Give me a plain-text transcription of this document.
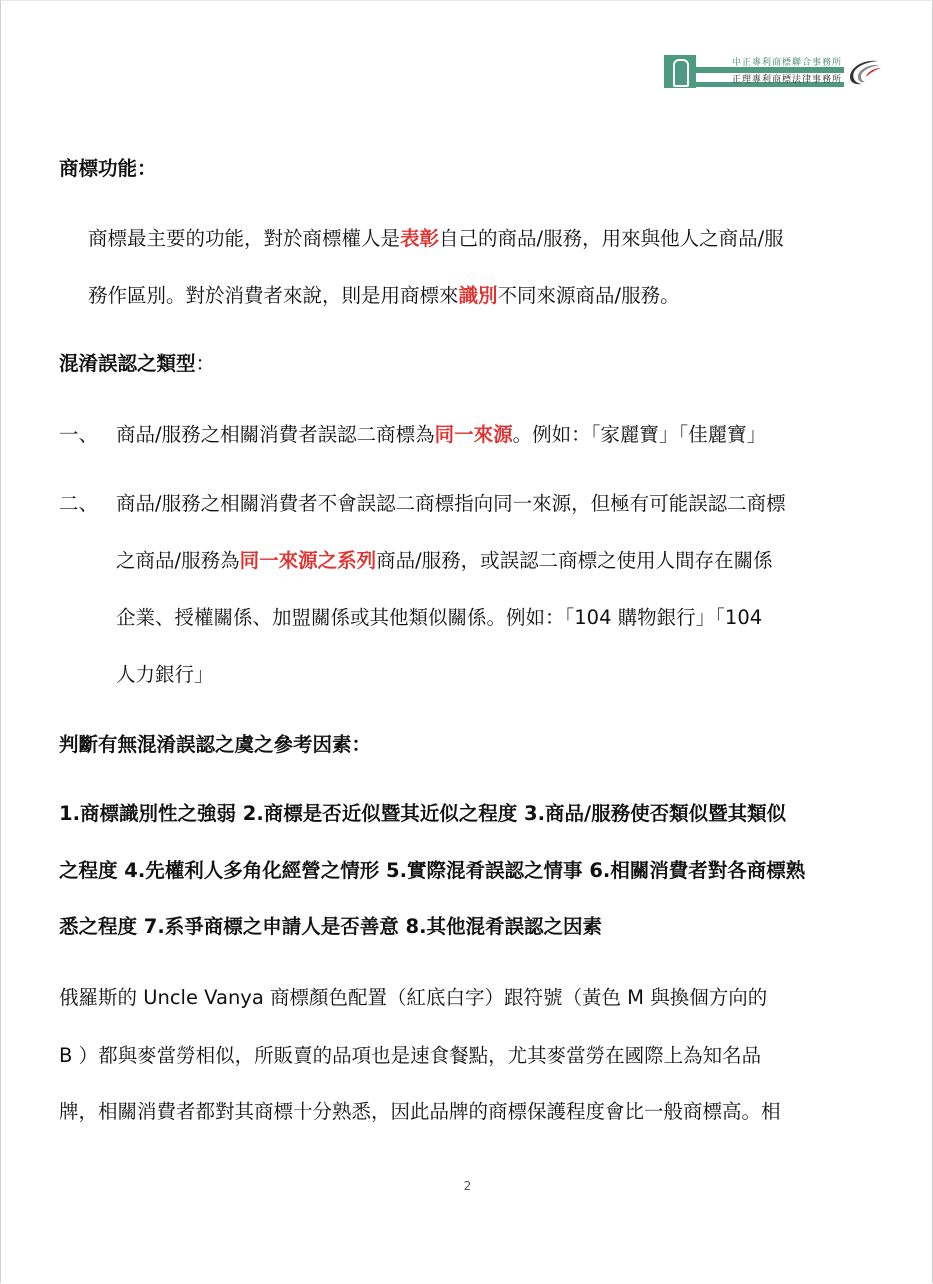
中正專利商標聯合事務所
正理專利商標法律事務所
商標功能：
商標最主要的功能，對於商標權人是表彰自己的商品/服務，用來與他人之商品/服
務作區別。對於消費者來說，則是用商標來識別不同來源商品/服務。
混淆誤認之類型：
一、 商品/服務之相關消費者誤認二商標為同一來源。例如：「家麗寶」「佳麗寶」
二、 商品/服務之相關消費者不會誤認二商標指向同一來源，但極有可能誤認二商標
之商品/服務為同一來源之系列商品/服務，或誤認二商標之使用人間存在關係
企業、授權關係、加盟關係或其他類似關係。例如：「104 購物銀行」「104
人力銀行」
判斷有無混淆誤認之虞之參考因素：
1.商標識別性之強弱 2.商標是否近似暨其近似之程度 3.商品/服務使否類似暨其類似
之程度 4.先權利人多角化經營之情形 5.實際混肴誤認之情事 6.相關消費者對各商標熟
悉之程度 7.系爭商標之申請人是否善意 8.其他混肴誤認之因素
俄羅斯的 Uncle Vanya 商標顏色配置（紅底白字）跟符號（黃色 M 與換個方向的
B ）都與麥當勞相似，所販賣的品項也是速食餐點，尤其麥當勞在國際上為知名品
牌，相關消費者都對其商標十分熟悉，因此品牌的商標保護程度會比一般商標高。相
2
